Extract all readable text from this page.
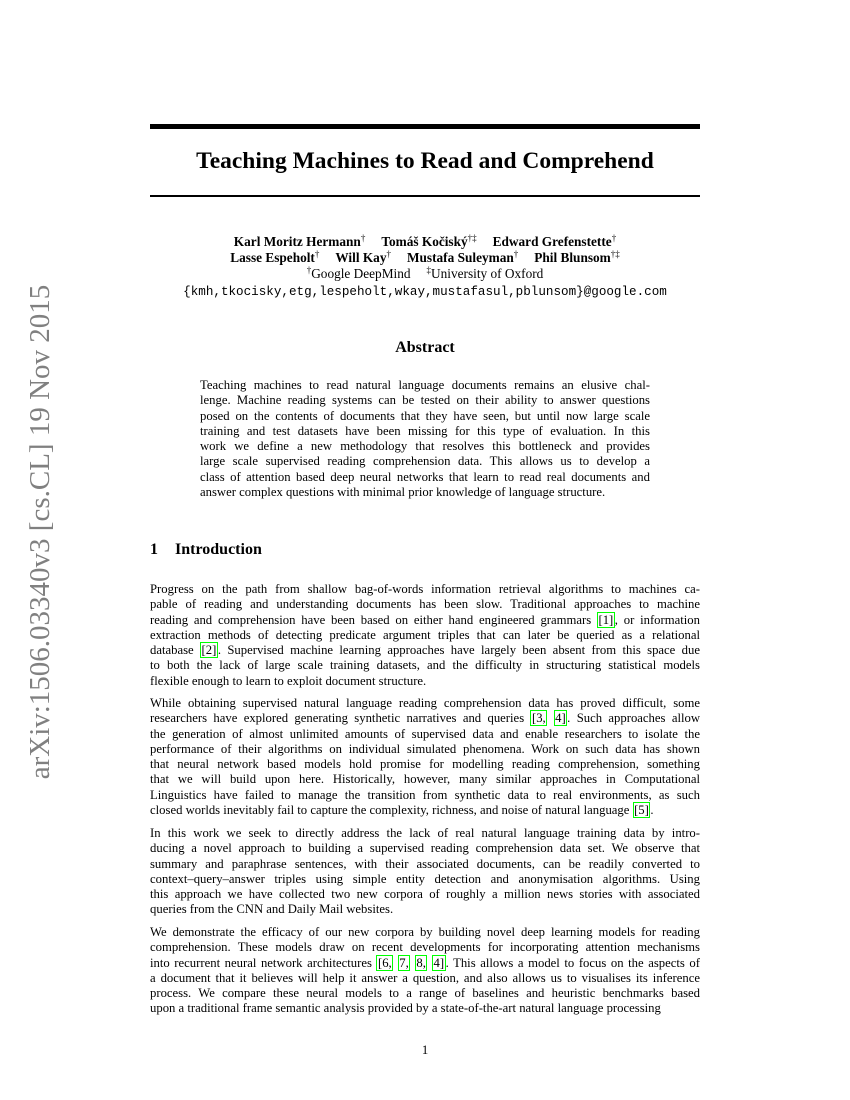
arXiv:1506.03340v3 [cs.CL] 19 Nov 2015
Teaching Machines to Read and Comprehend
Karl Moritz Hermann† Tomáš Kočiský†‡ Edward Grefenstette†
Lasse Espeholt† Will Kay† Mustafa Suleyman† Phil Blunsom†‡
†Google DeepMind ‡University of Oxford
{kmh,tkocisky,etg,lespeholt,wkay,mustafasul,pblunsom}@google.com
Abstract
Teaching machines to read natural language documents remains an elusive chal-
lenge. Machine reading systems can be tested on their ability to answer questions
posed on the contents of documents that they have seen, but until now large scale
training and test datasets have been missing for this type of evaluation. In this
work we define a new methodology that resolves this bottleneck and provides
large scale supervised reading comprehension data. This allows us to develop a
class of attention based deep neural networks that learn to read real documents and
answer complex questions with minimal prior knowledge of language structure.
1 Introduction
Progress on the path from shallow bag-of-words information retrieval algorithms to machines ca-
pable of reading and understanding documents has been slow. Traditional approaches to machine
reading and comprehension have been based on either hand engineered grammars [1] , or information
extraction methods of detecting predicate argument triples that can later be queried as a relational
database [2] . Supervised machine learning approaches have largely been absent from this space due
to both the lack of large scale training datasets, and the difficulty in structuring statistical models
flexible enough to learn to exploit document structure.
While obtaining supervised natural language reading comprehension data has proved difficult, some
researchers have explored generating synthetic narratives and queries [3, 4] . Such approaches allow
the generation of almost unlimited amounts of supervised data and enable researchers to isolate the
performance of their algorithms on individual simulated phenomena. Work on such data has shown
that neural network based models hold promise for modelling reading comprehension, something
that we will build upon here. Historically, however, many similar approaches in Computational
Linguistics have failed to manage the transition from synthetic data to real environments, as such
closed worlds inevitably fail to capture the complexity, richness, and noise of natural language [5] .
In this work we seek to directly address the lack of real natural language training data by intro-
ducing a novel approach to building a supervised reading comprehension data set. We observe that
summary and paraphrase sentences, with their associated documents, can be readily converted to
context–query–answer triples using simple entity detection and anonymisation algorithms. Using
this approach we have collected two new corpora of roughly a million news stories with associated
queries from the CNN and Daily Mail websites.
We demonstrate the efficacy of our new corpora by building novel deep learning models for reading
comprehension. These models draw on recent developments for incorporating attention mechanisms
into recurrent neural network architectures [6, 7, 8, 4] . This allows a model to focus on the aspects of
a document that it believes will help it answer a question, and also allows us to visualises its inference
process. We compare these neural models to a range of baselines and heuristic benchmarks based
upon a traditional frame semantic analysis provided by a state-of-the-art natural language processing
1
